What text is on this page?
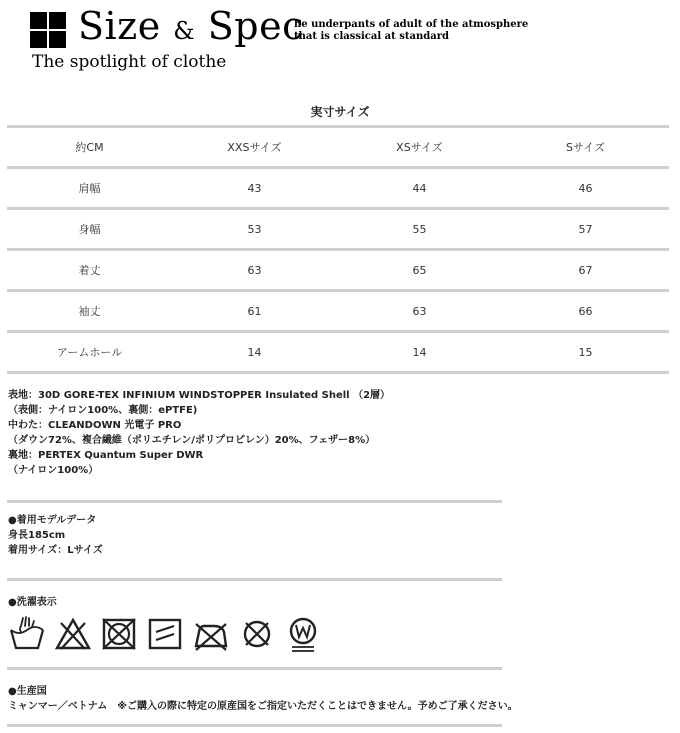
Size & Spec
The spotlight of clothe
he underpants of adult of the atmosphere
that is classical at standard
実寸サイズ
約CM	XXSサイズ	XSサイズ	Sサイズ
肩幅	43	44	46
身幅	53	55	57
着丈	63	65	67
袖丈	61	63	66
アームホール	14	14	15
表地：30D GORE-TEX INFINIUM WINDSTOPPER Insulated Shell （2層）
（表側：ナイロン100%、裏側：ePTFE)
中わた：CLEANDOWN 光電子 PRO
（ダウン72%、複合繊維（ポリエチレン/ポリプロピレン）20%、フェザー8%）
裏地：PERTEX Quantum Super DWR
（ナイロン100%）
●着用モデルデータ
身長185cm
着用サイズ：Lサイズ
●洗濯表示
●生産国
ミャンマー／ベトナム　※ご購入の際に特定の原産国をご指定いただくことはできません。予めご了承ください。
